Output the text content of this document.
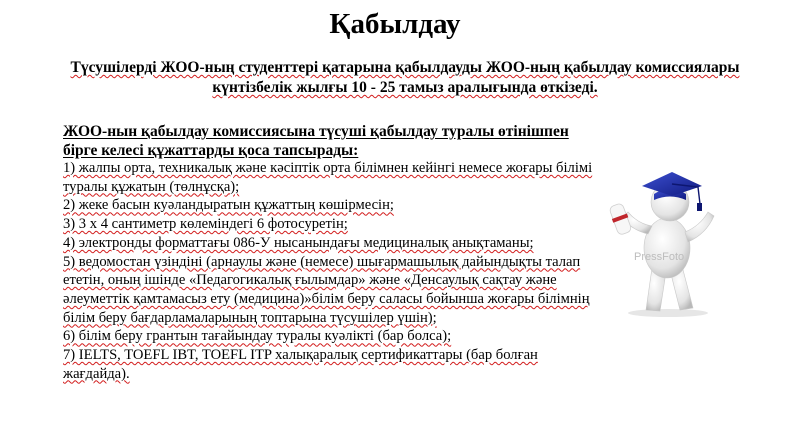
Қабылдау
Түсушілерді ЖОО-ның студенттері қатарына қабылдауды ЖОО-ның қабылдау комиссиялары күнтізбелік жылғы 10 - 25 тамыз аралығында өткізеді.
ЖОО-нын қабылдау комиссиясына түсуші қабылдау туралы өтінішпен бірге келесі құжаттарды қоса тапсырады:
1) жалпы орта, техникалық және кәсіптік орта білімнен кейінгі немесе жоғары білімі туралы құжатын (төлнұсқа);
2) жеке басын куәландыратын құжаттың көшірмесін;
3) 3 х 4 сантиметр көлеміндегі 6 фотосуретін;
4) электронды форматтағы 086-У нысанындағы медициналық анықтаманы;
5) ведомостан үзіндіні (арнаулы және (немесе) шығармашылық дайындықты талап ететін, оның ішінде «Педагогикалық ғылымдар» және «Денсаулық сақтау және әлеуметтік қамтамасыз ету (медицина)»білім беру саласы бойынша жоғары білімнің білім беру бағдарламаларының топтарына түсушілер үшін);
6) білім беру грантын тағайындау туралы куәлікті (бар болса);
7) IELTS, TOEFL IBT, TOEFL ITP халықаралық сертификаттары (бар болған жағдайда).
PressFoto
